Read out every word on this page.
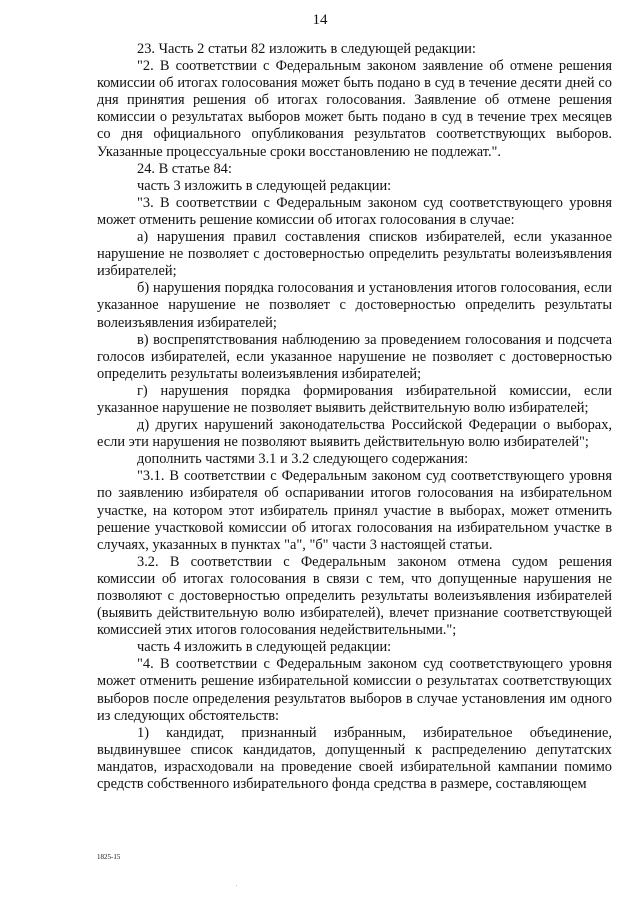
14

23. Часть 2 статьи 82 изложить в следующей редакции:

"2. В соответствии с Федеральным законом заявление об отмене решения комиссии об итогах голосования может быть подано в суд в течение десяти дней со дня принятия решения об итогах голосования. Заявление об отмене решения комиссии о результатах выборов может быть подано в суд в течение трех месяцев со дня официального опубликования результатов соответствующих выборов. Указанные процессуальные сроки восстановлению не подлежат.".

24. В статье 84:

часть 3 изложить в следующей редакции:

"3. В соответствии с Федеральным законом суд соответствующего уровня может отменить решение комиссии об итогах голосования в случае:

а) нарушения правил составления списков избирателей, если указанное нарушение не позволяет с достоверностью определить результаты волеизъявления избирателей;

б) нарушения порядка голосования и установления итогов голосования, если указанное нарушение не позволяет с достоверностью определить результаты волеизъявления избирателей;

в) воспрепятствования наблюдению за проведением голосования и подсчета голосов избирателей, если указанное нарушение не позволяет с достоверностью определить результаты волеизъявления избирателей;

г) нарушения порядка формирования избирательной комиссии, если указанное нарушение не позволяет выявить действительную волю избирателей;

д) других нарушений законодательства Российской Федерации о выборах, если эти нарушения не позволяют выявить действительную волю избирателей";

дополнить частями 3.1 и 3.2 следующего содержания:

"3.1. В соответствии с Федеральным законом суд соответствующего уровня по заявлению избирателя об оспаривании итогов голосования на избирательном участке, на котором этот избиратель принял участие в выборах, может отменить решение участковой комиссии об итогах голосования на избирательном участке в случаях, указанных в пунктах "а", "б" части 3 настоящей статьи.

3.2. В соответствии с Федеральным законом отмена судом решения комиссии об итогах голосования в связи с тем, что допущенные нарушения не позволяют с достоверностью определить результаты волеизъявления избирателей (выявить действительную волю избирателей), влечет признание соответствующей комиссией этих итогов голосования недействительными.";

часть 4 изложить в следующей редакции:

"4. В соответствии с Федеральным законом суд соответствующего уровня может отменить решение избирательной комиссии о результатах соответствующих выборов после определения результатов выборов в случае установления им одного из следующих обстоятельств:

1) кандидат, признанный избранным, избирательное объединение, выдвинувшее список кандидатов, допущенный к распределению депутатских мандатов, израсходовали на проведение своей избирательной кампании помимо средств собственного избирательного фонда средства в размере, составляющем

1825-15
